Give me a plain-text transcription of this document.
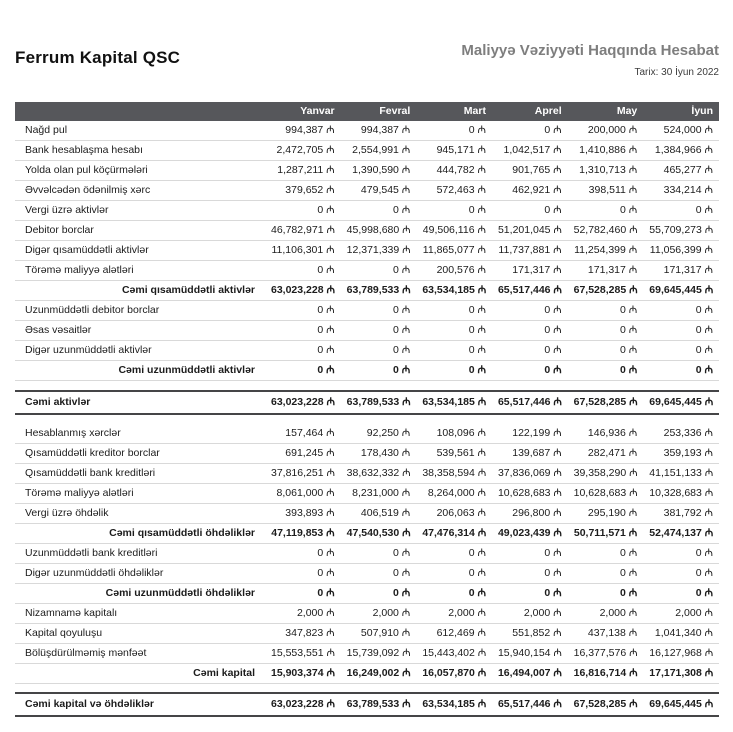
Ferrum Kapital QSC	Maliyyə Vəziyyəti Haqqında Hesabat
Tarix: 30 İyun 2022
	Yanvar	Fevral	Mart	Aprel	May	İyun
Nağd pul	994,387 ₼	994,387 ₼	0 ₼	0 ₼	200,000 ₼	524,000 ₼
Bank hesablaşma hesabı	2,472,705 ₼	2,554,991 ₼	945,171 ₼	1,042,517 ₼	1,410,886 ₼	1,384,966 ₼
Yolda olan pul köçürmələri	1,287,211 ₼	1,390,590 ₼	444,782 ₼	901,765 ₼	1,310,713 ₼	465,277 ₼
Əvvəlcədən ödənilmiş xərc	379,652 ₼	479,545 ₼	572,463 ₼	462,921 ₼	398,511 ₼	334,214 ₼
Vergi üzrə aktivlər	0 ₼	0 ₼	0 ₼	0 ₼	0 ₼	0 ₼
Debitor borclar	46,782,971 ₼	45,998,680 ₼	49,506,116 ₼	51,201,045 ₼	52,782,460 ₼	55,709,273 ₼
Digər qısamüddətli aktivlər	11,106,301 ₼	12,371,339 ₼	11,865,077 ₼	11,737,881 ₼	11,254,399 ₼	11,056,399 ₼
Törəmə maliyyə alətləri	0 ₼	0 ₼	200,576 ₼	171,317 ₼	171,317 ₼	171,317 ₼
Cəmi qısamüddətli aktivlər	63,023,228 ₼	63,789,533 ₼	63,534,185 ₼	65,517,446 ₼	67,528,285 ₼	69,645,445 ₼
Uzunmüddətli debitor borclar	0 ₼	0 ₼	0 ₼	0 ₼	0 ₼	0 ₼
Əsas vəsaitlər	0 ₼	0 ₼	0 ₼	0 ₼	0 ₼	0 ₼
Digər uzunmüddətli aktivlər	0 ₼	0 ₼	0 ₼	0 ₼	0 ₼	0 ₼
Cəmi uzunmüddətli aktivlər	0 ₼	0 ₼	0 ₼	0 ₼	0 ₼	0 ₼

Cəmi aktivlər	63,023,228 ₼	63,789,533 ₼	63,534,185 ₼	65,517,446 ₼	67,528,285 ₼	69,645,445 ₼

Hesablanmış xərclər	157,464 ₼	92,250 ₼	108,096 ₼	122,199 ₼	146,936 ₼	253,336 ₼
Qısamüddətli kreditor borclar	691,245 ₼	178,430 ₼	539,561 ₼	139,687 ₼	282,471 ₼	359,193 ₼
Qısamüddətli bank kreditləri	37,816,251 ₼	38,632,332 ₼	38,358,594 ₼	37,836,069 ₼	39,358,290 ₼	41,151,133 ₼
Törəmə maliyyə alətləri	8,061,000 ₼	8,231,000 ₼	8,264,000 ₼	10,628,683 ₼	10,628,683 ₼	10,328,683 ₼
Vergi üzrə öhdəlik	393,893 ₼	406,519 ₼	206,063 ₼	296,800 ₼	295,190 ₼	381,792 ₼
Cəmi qısamüddətli öhdəliklər	47,119,853 ₼	47,540,530 ₼	47,476,314 ₼	49,023,439 ₼	50,711,571 ₼	52,474,137 ₼
Uzunmüddətli bank kreditləri	0 ₼	0 ₼	0 ₼	0 ₼	0 ₼	0 ₼
Digər uzunmüddətli öhdəliklər	0 ₼	0 ₼	0 ₼	0 ₼	0 ₼	0 ₼
Cəmi uzunmüddətli öhdəliklər	0 ₼	0 ₼	0 ₼	0 ₼	0 ₼	0 ₼
Nizamnamə kapitalı	2,000 ₼	2,000 ₼	2,000 ₼	2,000 ₼	2,000 ₼	2,000 ₼
Kapital qoyuluşu	347,823 ₼	507,910 ₼	612,469 ₼	551,852 ₼	437,138 ₼	1,041,340 ₼
Bölüşdürülməmiş mənfəət	15,553,551 ₼	15,739,092 ₼	15,443,402 ₼	15,940,154 ₼	16,377,576 ₼	16,127,968 ₼
Cəmi kapital	15,903,374 ₼	16,249,002 ₼	16,057,870 ₼	16,494,007 ₼	16,816,714 ₼	17,171,308 ₼

Cəmi kapital və öhdəliklər	63,023,228 ₼	63,789,533 ₼	63,534,185 ₼	65,517,446 ₼	67,528,285 ₼	69,645,445 ₼
